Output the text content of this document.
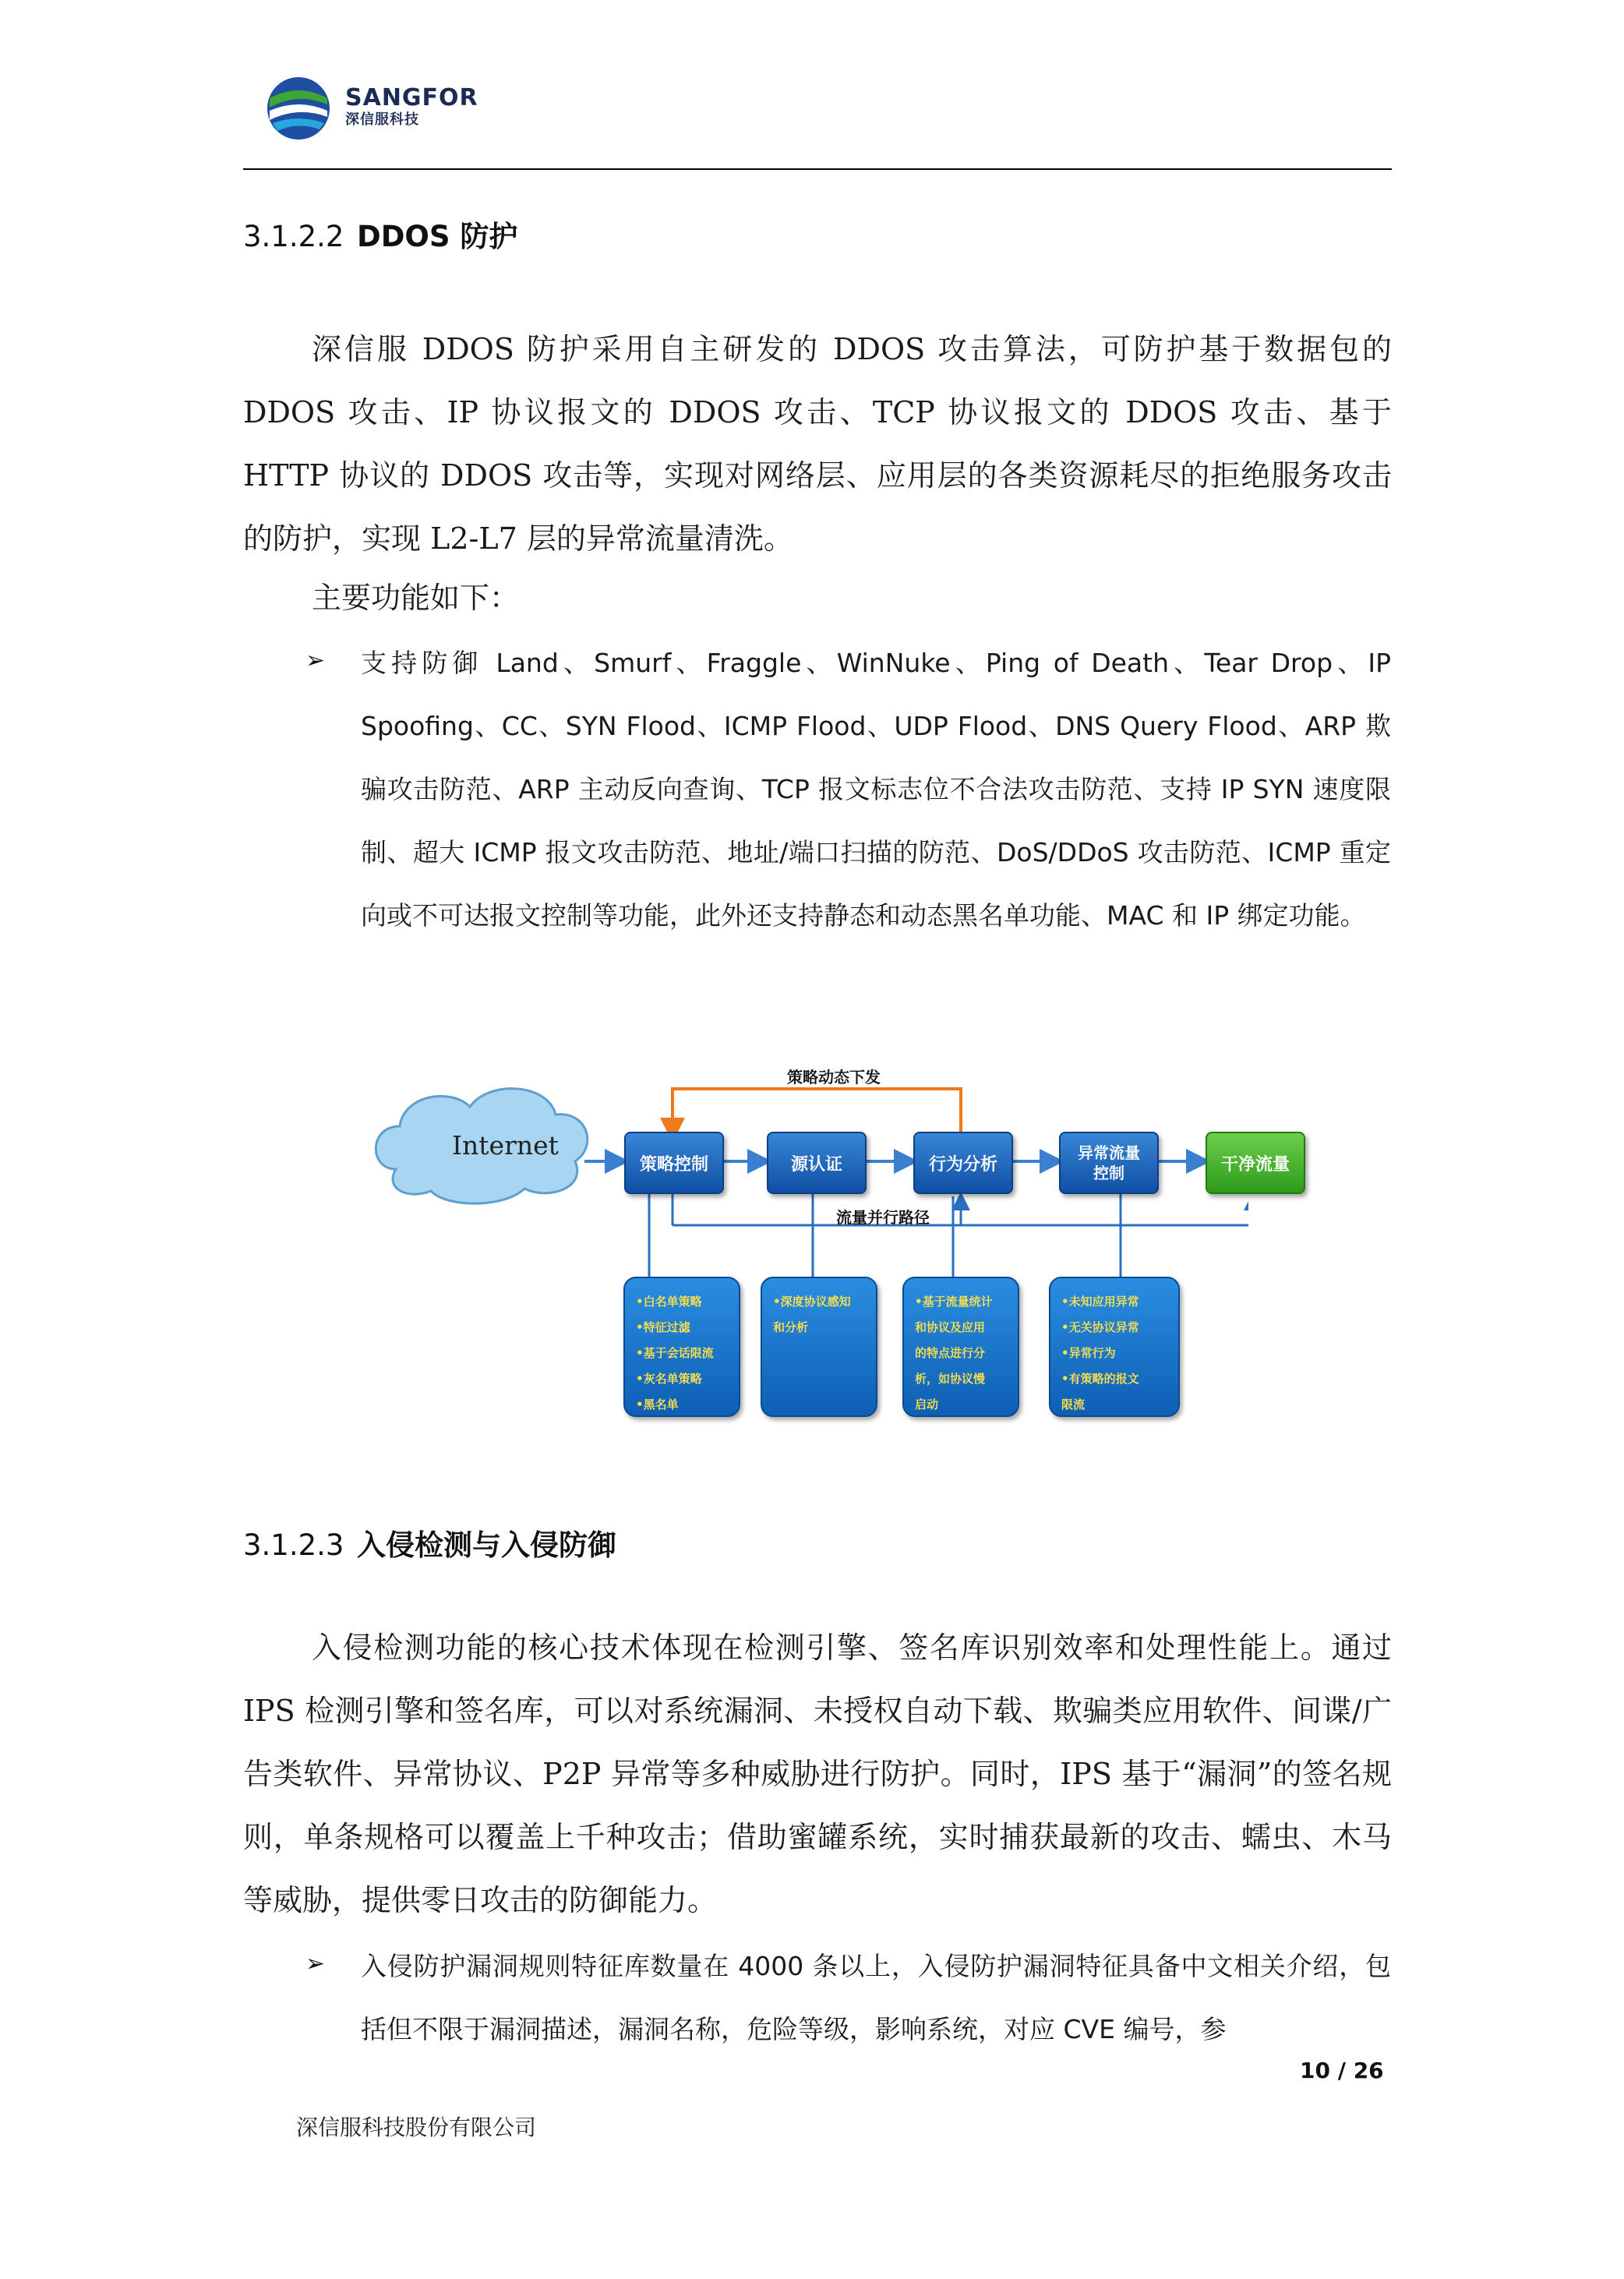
SANGFOR
深信服科技
3.1.2.2 DDOS 防护
深信服 DDOS 防护采用自主研发的 DDOS 攻击算法，可防护基于数据包的 DDOS 攻击、IP 协议报文的 DDOS 攻击、TCP 协议报文的 DDOS 攻击、基于 HTTP 协议的 DDOS 攻击等，实现对网络层、应用层的各类资源耗尽的拒绝服务攻击的防护，实现 L2-L7 层的异常流量清洗。
主要功能如下：
➢ 支持防御 Land、Smurf、Fraggle、WinNuke、Ping of Death、Tear Drop、IP Spoofing、CC、SYN Flood、ICMP Flood、UDP Flood、DNS Query Flood、ARP 欺骗攻击防范、ARP 主动反向查询、TCP 报文标志位不合法攻击防范、支持 IP SYN 速度限制、超大 ICMP 报文攻击防范、地址/端口扫描的防范、DoS/DDoS 攻击防范、ICMP 重定向或不可达报文控制等功能，此外还支持静态和动态黑名单功能、MAC 和 IP 绑定功能。
Internet
策略动态下发
流量并行路径
策略控制	源认证	行为分析
异常流量
控制	干净流量
•白名单策略
•特征过滤
•基于会话限流
•灰名单策略
•黑名单
•深度协议感知
和分析
•基于流量统计
和协议及应用
的特点进行分
析，如协议慢
启动
•未知应用异常
•无关协议异常
•异常行为
•有策略的报文
限流
3.1.2.3 入侵检测与入侵防御
入侵检测功能的核心技术体现在检测引擎、签名库识别效率和处理性能上。通过 IPS 检测引擎和签名库，可以对系统漏洞、未授权自动下载、欺骗类应用软件、间谍/广告类软件、异常协议、P2P 异常等多种威胁进行防护。同时，IPS 基于“漏洞”的签名规则，单条规格可以覆盖上千种攻击；借助蜜罐系统，实时捕获最新的攻击、蠕虫、木马等威胁，提供零日攻击的防御能力。
➢ 入侵防护漏洞规则特征库数量在 4000 条以上，入侵防护漏洞特征具备中文相关介绍，包括但不限于漏洞描述，漏洞名称，危险等级，影响系统，对应 CVE 编号，参
10 / 26
深信服科技股份有限公司
